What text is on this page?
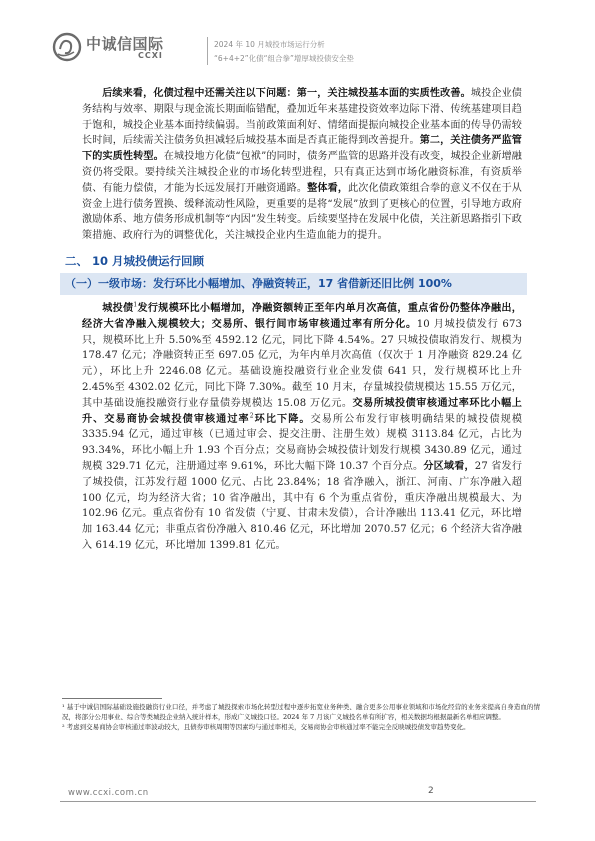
中诚信国际
CCXI
2024 年 10 月城投市场运行分析
“6+4+2”化债“组合拳”增厚城投债安全垫

后续来看，化债过程中还需关注以下问题：第一，关注城投基本面的实质性改善。城投企业债务结构与效率、期限与现金流长期面临错配，叠加近年来基建投资效率边际下滑、传统基建项目趋于饱和，城投企业基本面持续偏弱。当前政策面利好、情绪面提振向城投企业基本面的传导仍需较长时间，后续需关注债务负担减轻后城投基本面是否真正能得到改善提升。第二，关注债务严监管下的实质性转型。在城投地方化债“包袱”的同时，债务严监管的思路并没有改变，城投企业新增融资仍将受限。要持续关注城投企业的市场化转型进程，只有真正达到市场化融资标准，有资质举债、有能力偿债，才能为长远发展打开融资通路。整体看，此次化债政策组合拳的意义不仅在于从资金上进行债务置换、缓释流动性风险，更重要的是将“发展”放到了更核心的位置，引导地方政府激励体系、地方债务形成机制等“内因”发生转变。后续要坚持在发展中化债，关注新思路指引下政策措施、政府行为的调整优化，关注城投企业内生造血能力的提升。

二、 10 月城投债运行回顾
（一）一级市场：发行环比小幅增加、净融资转正，17 省借新还旧比例 100%

城投债$^1$发行规模环比小幅增加，净融资额转正至年内单月次高值，重点省份仍整体净融出，经济大省净融入规模较大；交易所、银行间市场审核通过率有所分化。10 月城投债发行 673 只，规模环比上升 5.50%至 4592.12 亿元，同比下降 4.54%。27 只城投债取消发行、规模为 178.47 亿元；净融资转正至 697.05 亿元，为年内单月次高值（仅次于 1 月净融资 829.24 亿元），环比上升 2246.08 亿元。基础设施投融资行业企业发债 641 只，发行规模环比上升 2.45%至 4302.02 亿元，同比下降 7.30%。截至 10 月末，存量城投债规模达 15.55 万亿元，其中基础设施投融资行业存量债券规模达 15.08 万亿元。交易所城投债审核通过率环比小幅上升、交易商协会城投债审核通过率$^2$环比下降。交易所公布发行审核明确结果的城投债规模 3335.94 亿元，通过审核（已通过审会、提交注册、注册生效）规模 3113.84 亿元，占比为 93.34%，环比小幅上升 1.93 个百分点；交易商协会城投债计划发行规模 3430.89 亿元，通过规模 329.71 亿元，注册通过率 9.61%，环比大幅下降 10.37 个百分点。分区域看，27 省发行了城投债，江苏发行超 1000 亿元、占比 23.84%；18 省净融入，浙江、河南、广东净融入超 100 亿元，均为经济大省；10 省净融出，其中有 6 个为重点省份，重庆净融出规模最大、为 102.96 亿元。重点省份有 10 省发债（宁夏、甘肃未发债），合计净融出 113.41 亿元，环比增加 163.44 亿元；非重点省份净融入 810.46 亿元，环比增加 2070.57 亿元；6 个经济大省净融入 614.19 亿元，环比增加 1399.81 亿元。

¹ 基于中诚信国际基础设施投融资行业口径，并考虑了城投探索市场化转型过程中逐步拓宽业务种类、融合更多公用事业领域和市场化经营的业务来提高自身造血的情况，将部分公用事业、综合等类城投企业纳入统计样本，形成广义城投口径。2024 年 7 月该广义城投名单有所扩容，相关数据均根据最新名单相应调整。

² 考虑到交易商协会审核通过率波动较大，且债券审核周期等因素均与通过率相关，交易商协会审核通过率不能完全反映城投债发审趋势变化。

www.ccxi.com.cn	2
